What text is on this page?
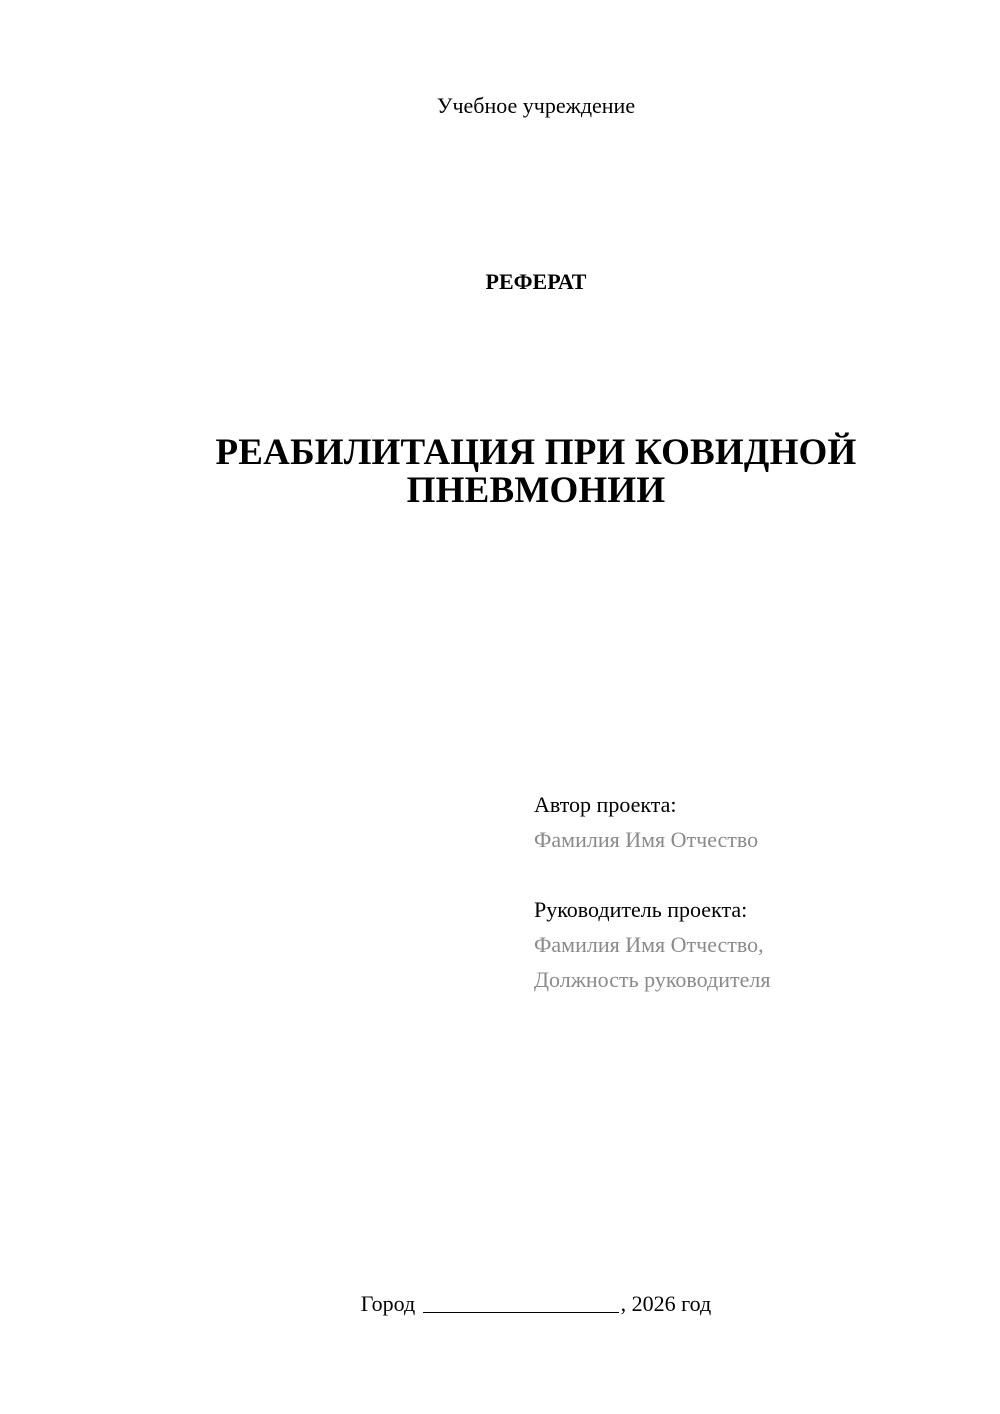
Учебное учреждение
РЕФЕРАТ
РЕАБИЛИТАЦИЯ ПРИ КОВИДНОЙ
ПНЕВМОНИИ
Автор проекта:
Фамилия Имя Отчество
Руководитель проекта:
Фамилия Имя Отчество,
Должность руководителя
Город	, 2026 год
